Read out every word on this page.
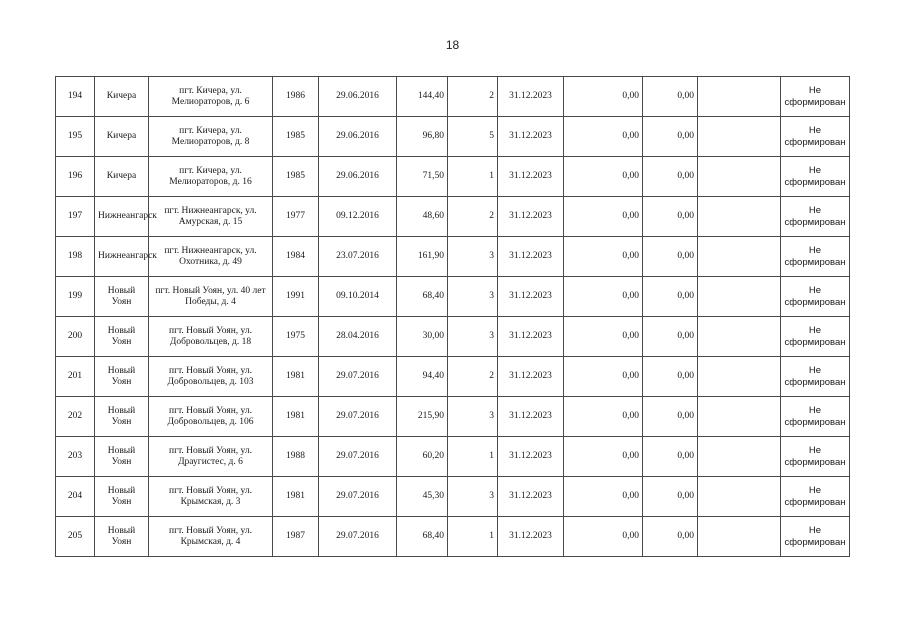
18
194	Кичера	пгт. Кичера, ул. Мелиораторов, д. 6	1986	29.06.2016	144,40	2	31.12.2023	0,00	0,00		Не сформирован
195	Кичера	пгт. Кичера, ул. Мелиораторов, д. 8	1985	29.06.2016	96,80	5	31.12.2023	0,00	0,00		Не сформирован
196	Кичера	пгт. Кичера, ул. Мелиораторов, д. 16	1985	29.06.2016	71,50	1	31.12.2023	0,00	0,00		Не сформирован
197	Нижнеангарск	пгт. Нижнеангарск, ул. Амурская, д. 15	1977	09.12.2016	48,60	2	31.12.2023	0,00	0,00		Не сформирован
198	Нижнеангарск	пгт. Нижнеангарск, ул. Охотника, д. 49	1984	23.07.2016	161,90	3	31.12.2023	0,00	0,00		Не сформирован
199	Новый Уоян	пгт. Новый Уоян, ул. 40 лет Победы, д. 4	1991	09.10.2014	68,40	3	31.12.2023	0,00	0,00		Не сформирован
200	Новый Уоян	пгт. Новый Уоян, ул. Добровольцев, д. 18	1975	28.04.2016	30,00	3	31.12.2023	0,00	0,00		Не сформирован
201	Новый Уоян	пгт. Новый Уоян, ул. Добровольцев, д. 103	1981	29.07.2016	94,40	2	31.12.2023	0,00	0,00		Не сформирован
202	Новый Уоян	пгт. Новый Уоян, ул. Добровольцев, д. 106	1981	29.07.2016	215,90	3	31.12.2023	0,00	0,00		Не сформирован
203	Новый Уоян	пгт. Новый Уоян, ул. Драугистес, д. 6	1988	29.07.2016	60,20	1	31.12.2023	0,00	0,00		Не сформирован
204	Новый Уоян	пгт. Новый Уоян, ул. Крымская, д. 3	1981	29.07.2016	45,30	3	31.12.2023	0,00	0,00		Не сформирован
205	Новый Уоян	пгт. Новый Уоян, ул. Крымская, д. 4	1987	29.07.2016	68,40	1	31.12.2023	0,00	0,00		Не сформирован
